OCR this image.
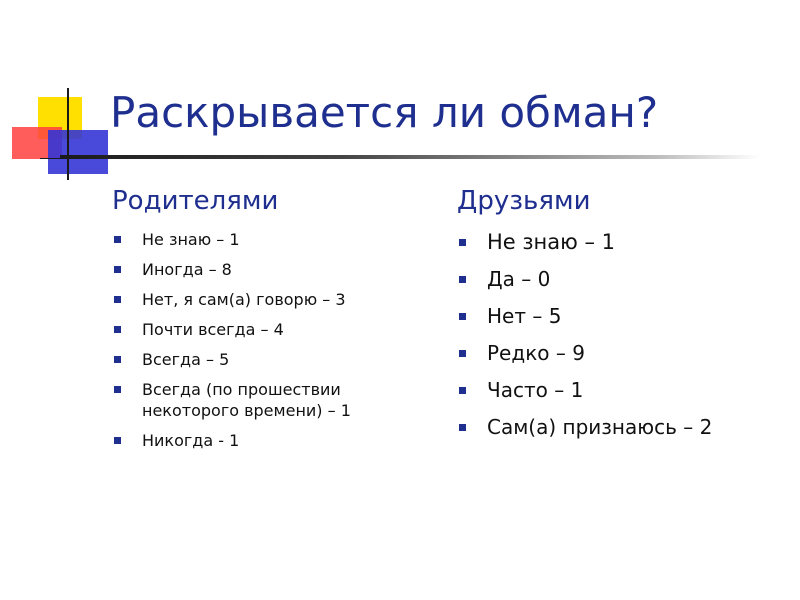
Раскрывается ли обман?
Родителями
Не знаю – 1
Иногда – 8
Нет, я сам(а) говорю – 3
Почти всегда – 4
Всегда – 5
Всегда (по прошествии некоторого времени) – 1
Никогда - 1
Друзьями
Не знаю – 1
Да – 0
Нет – 5
Редко – 9
Часто – 1
Сам(а) признаюсь – 2
